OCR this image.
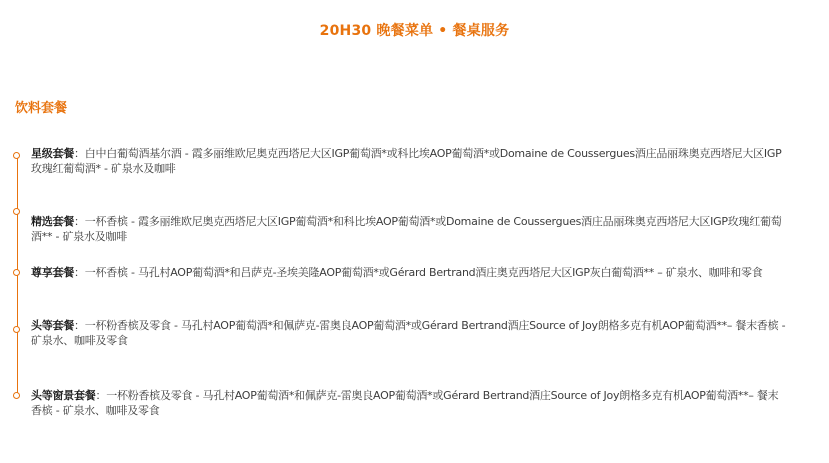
20H30 晚餐菜单 • 餐桌服务
饮料套餐
星级套餐：白中白葡萄酒基尔酒 - 霞多丽维欧尼奥克西塔尼大区IGP葡萄酒*或科比埃AOP葡萄酒*或Domaine de Coussergues酒庄品丽珠奥克西塔尼大区IGP玫瑰红葡萄酒* - 矿泉水及咖啡
精选套餐：一杯香槟 - 霞多丽维欧尼奥克西塔尼大区IGP葡萄酒*和科比埃AOP葡萄酒*或Domaine de Coussergues酒庄品丽珠奥克西塔尼大区IGP玫瑰红葡萄酒** - 矿泉水及咖啡
尊享套餐：一杯香槟 - 马孔村AOP葡萄酒*和吕萨克-圣埃美隆AOP葡萄酒*或Gérard Bertrand酒庄奥克西塔尼大区IGP灰白葡萄酒** – 矿泉水、咖啡和零食
头等套餐：一杯粉香槟及零食 - 马孔村AOP葡萄酒*和佩萨克-雷奥良AOP葡萄酒*或Gérard Bertrand酒庄Source of Joy朗格多克有机AOP葡萄酒**– 餐末香槟 - 矿泉水、咖啡及零食
头等窗景套餐：一杯粉香槟及零食 - 马孔村AOP葡萄酒*和佩萨克-雷奥良AOP葡萄酒*或Gérard Bertrand酒庄Source of Joy朗格多克有机AOP葡萄酒**– 餐末香槟 - 矿泉水、咖啡及零食
